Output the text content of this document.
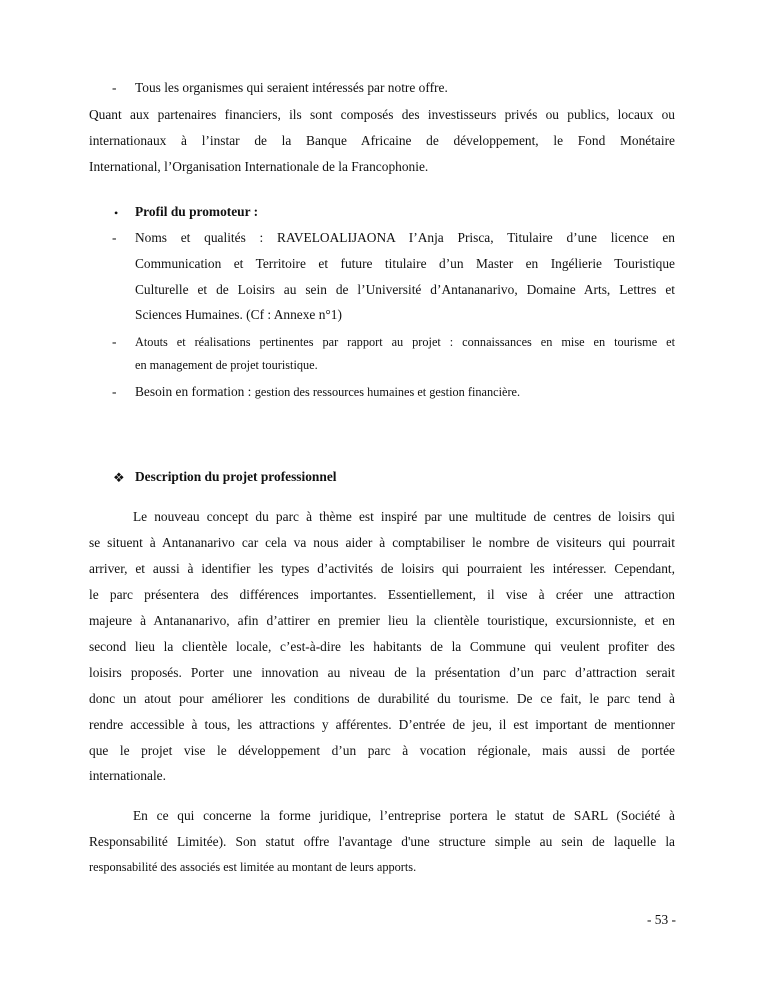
- Tous les organismes qui seraient intéressés par notre offre.
Quant aux partenaires financiers, ils sont composés des investisseurs privés ou publics, locaux ou
internationaux à l’instar de la Banque Africaine de développement, le Fond Monétaire
International, l’Organisation Internationale de la Francophonie.
• Profil du promoteur :
- Noms et qualités : RAVELOALIJAONA I’Anja Prisca, Titulaire d’une licence en
Communication et Territoire et future titulaire d’un Master en Ingélierie Touristique
Culturelle et de Loisirs au sein de l’Université d’Antananarivo, Domaine Arts, Lettres et
Sciences Humaines. (Cf : Annexe n°1)
- Atouts et réalisations pertinentes par rapport au projet : connaissances en mise en tourisme et
en management de projet touristique.
- Besoin en formation : gestion des ressources humaines et gestion financière.
❖ Description du projet professionnel
Le nouveau concept du parc à thème est inspiré par une multitude de centres de loisirs qui
se situent à Antananarivo car cela va nous aider à comptabiliser le nombre de visiteurs qui pourrait
arriver, et aussi à identifier les types d’activités de loisirs qui pourraient les intéresser. Cependant,
le parc présentera des différences importantes. Essentiellement, il vise à créer une attraction
majeure à Antananarivo, afin d’attirer en premier lieu la clientèle touristique, excursionniste, et en
second lieu la clientèle locale, c’est-à-dire les habitants de la Commune qui veulent profiter des
loisirs proposés. Porter une innovation au niveau de la présentation d’un parc d’attraction serait
donc un atout pour améliorer les conditions de durabilité du tourisme. De ce fait, le parc tend à
rendre accessible à tous, les attractions y afférentes. D’entrée de jeu, il est important de mentionner
que le projet vise le développement d’un parc à vocation régionale, mais aussi de portée
internationale.
En ce qui concerne la forme juridique, l’entreprise portera le statut de SARL (Société à
Responsabilité Limitée). Son statut offre l'avantage d'une structure simple au sein de laquelle la
responsabilité des associés est limitée au montant de leurs apports.
- 53 -
